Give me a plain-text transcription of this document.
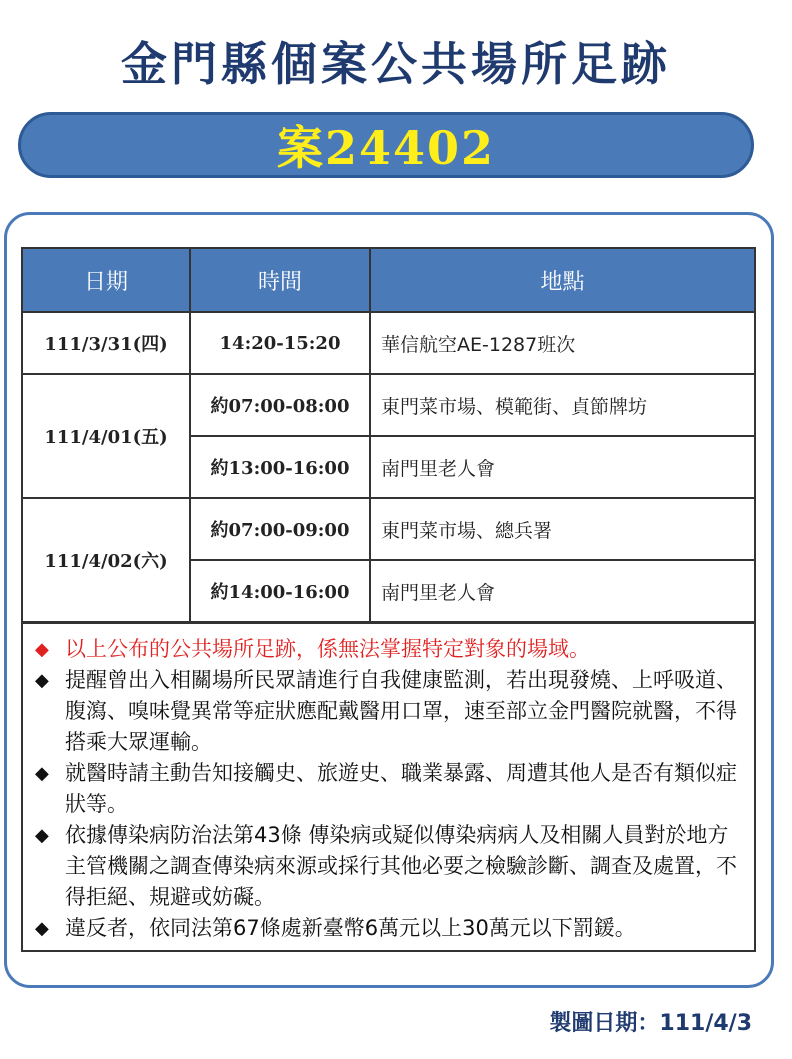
金門縣個案公共場所足跡
案24402
日期	時間	地點
111/3/31(四)	14:20-15:20	華信航空AE-1287班次
111/4/01(五)	約07:00-08:00	東門菜市場、模範街、貞節牌坊
	約13:00-16:00	南門里老人會
111/4/02(六)	約07:00-09:00	東門菜市場、總兵署
	約14:00-16:00	南門里老人會
◆ 以上公布的公共場所足跡，係無法掌握特定對象的場域。
◆ 提醒曾出入相關場所民眾請進行自我健康監測，若出現發燒、上呼吸道、腹瀉、嗅味覺異常等症狀應配戴醫用口罩，速至部立金門醫院就醫，不得搭乘大眾運輸。
◆ 就醫時請主動告知接觸史、旅遊史、職業暴露、周遭其他人是否有類似症狀等。
◆ 依據傳染病防治法第43條 傳染病或疑似傳染病病人及相關人員對於地方主管機關之調查傳染病來源或採行其他必要之檢驗診斷、調查及處置，不得拒絕、規避或妨礙。
◆ 違反者，依同法第67條處新臺幣6萬元以上30萬元以下罰鍰。
製圖日期：111/4/3
